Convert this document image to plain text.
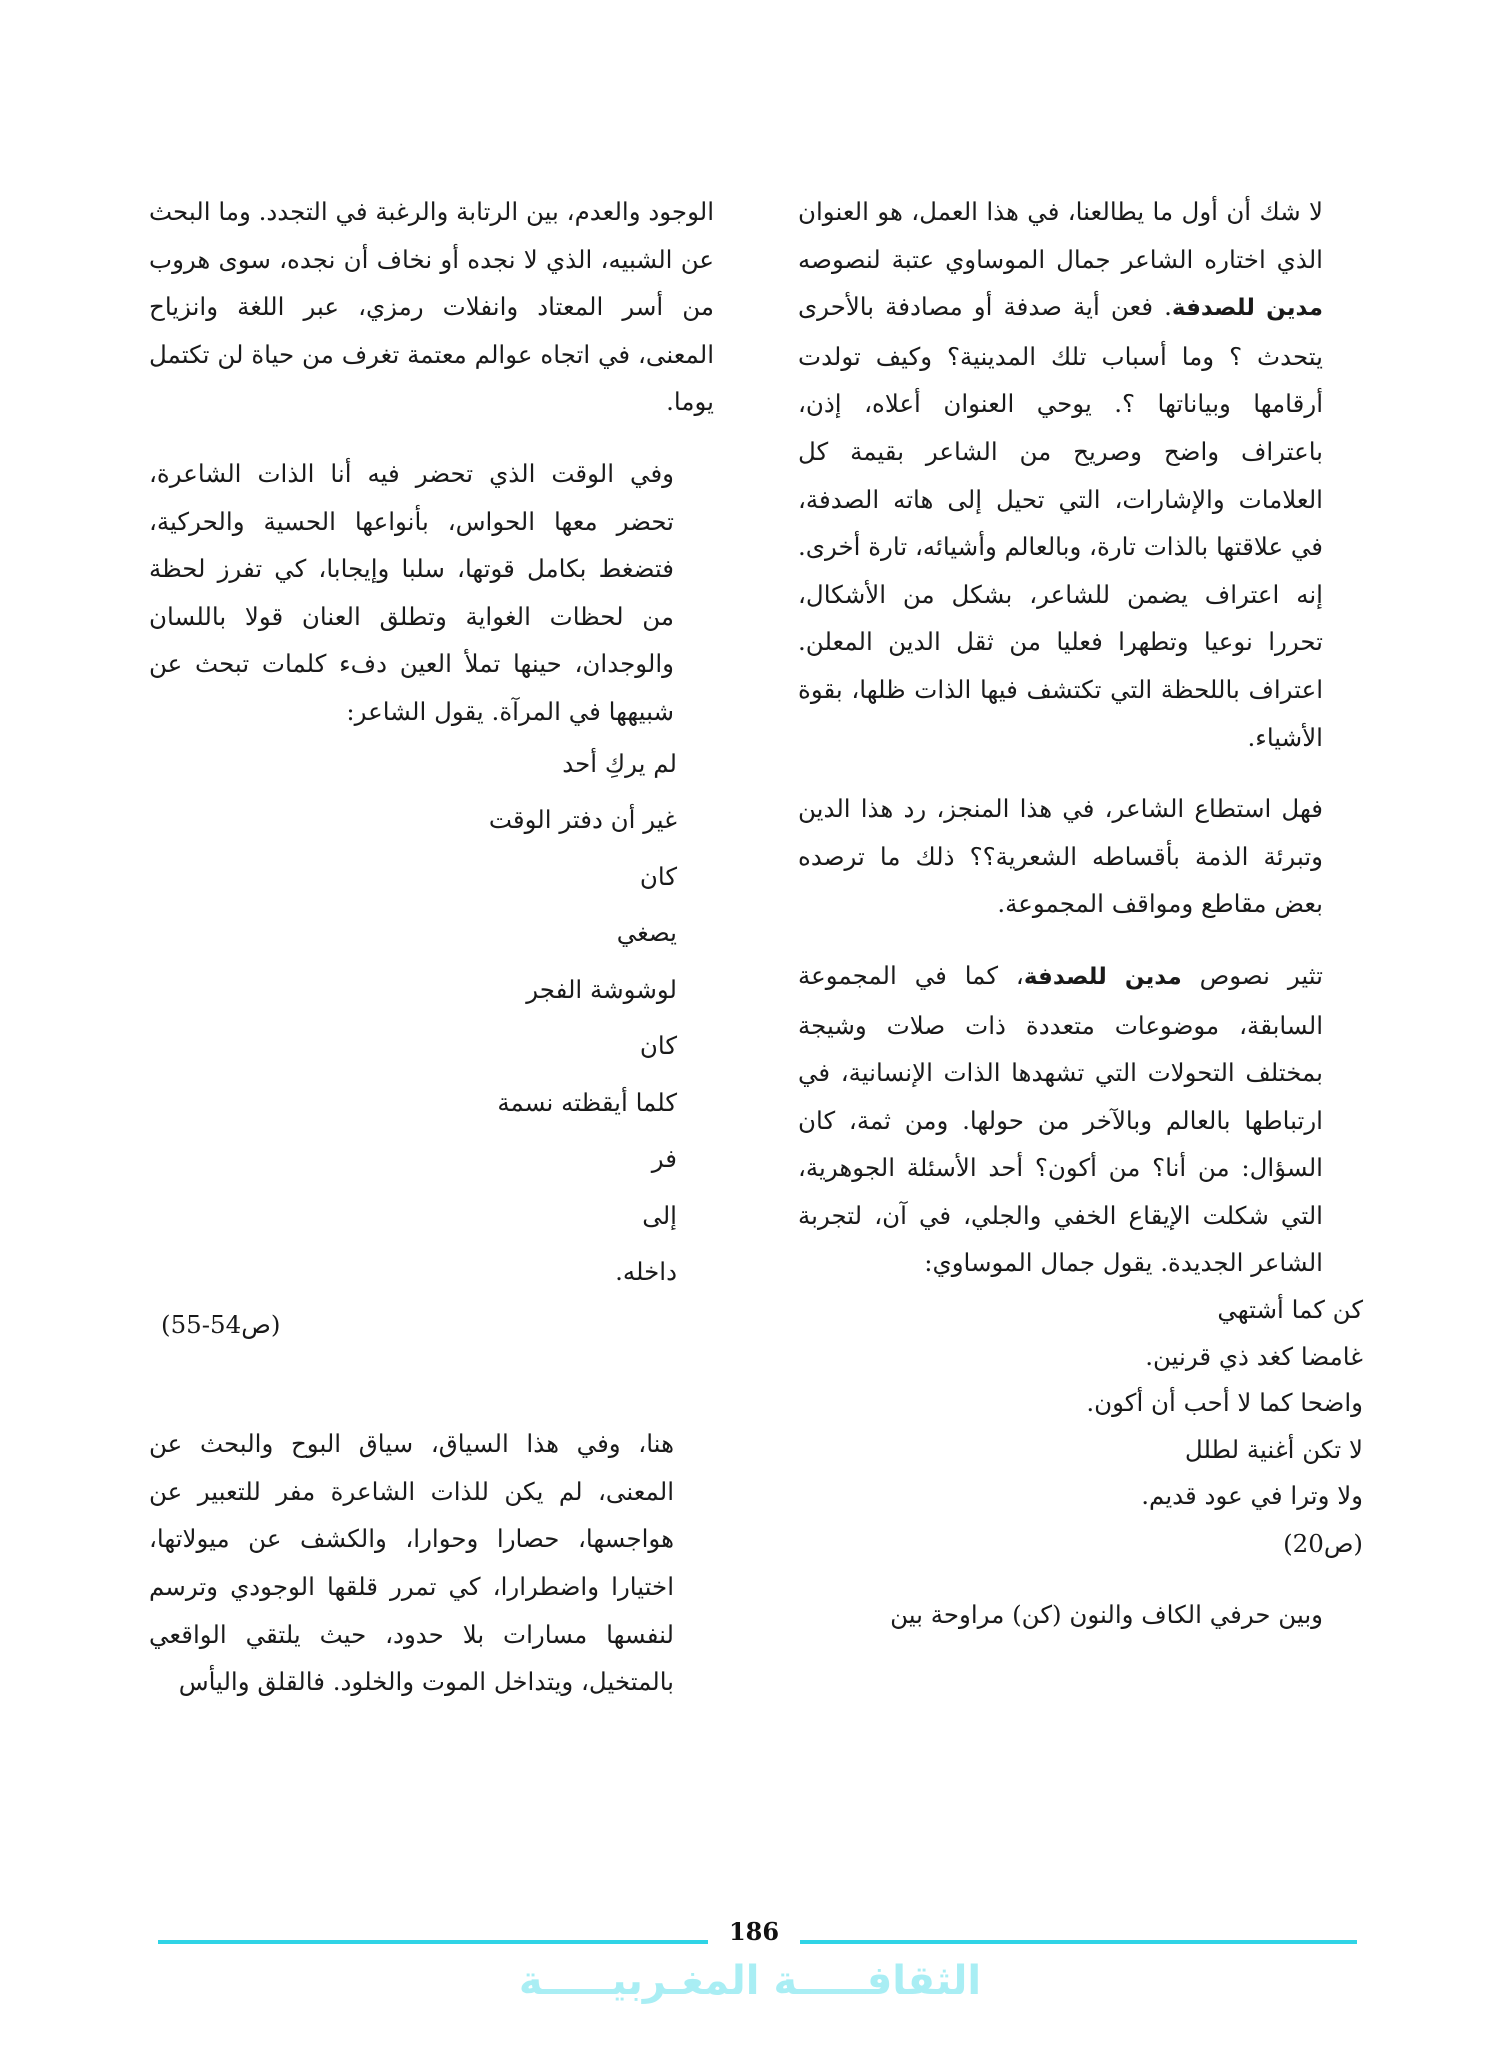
لا شك أن أول ما يطالعنا، في هذا العمل، هو العنوان الذي اختاره الشاعر جمال الموساوي عتبة لنصوصه مدين للصدفة. فعن أية صدفة أو مصادفة بالأحرى يتحدث ؟ وما أسباب تلك المدينية؟ وكيف تولدت أرقامها وبياناتها ؟. يوحي العنوان أعلاه، إذن، باعتراف واضح وصريح من الشاعر بقيمة كل العلامات والإشارات، التي تحيل إلى هاته الصدفة، في علاقتها بالذات تارة، وبالعالم وأشيائه، تارة أخرى. إنه اعتراف يضمن للشاعر، بشكل من الأشكال، تحررا نوعيا وتطهرا فعليا من ثقل الدين المعلن. اعتراف باللحظة التي تكتشف فيها الذات ظلها، بقوة الأشياء.

فهل استطاع الشاعر، في هذا المنجز، رد هذا الدين وتبرئة الذمة بأقساطه الشعرية؟؟ ذلك ما ترصده بعض مقاطع ومواقف المجموعة.

تثير نصوص مدين للصدفة، كما في المجموعة السابقة، موضوعات متعددة ذات صلات وشيجة بمختلف التحولات التي تشهدها الذات الإنسانية، في ارتباطها بالعالم وبالآخر من حولها. ومن ثمة، كان السؤال: من أنا؟ من أكون؟ أحد الأسئلة الجوهرية، التي شكلت الإيقاع الخفي والجلي، في آن، لتجربة الشاعر الجديدة. يقول جمال الموساوي:

كن كما أشتهي
غامضا كغد ذي قرنين.
واضحا كما لا أحب أن أكون.
لا تكن أغنية لطلل
ولا وترا في عود قديم.

(ص20)

وبين حرفي الكاف والنون (كن) مراوحة بين

الوجود والعدم، بين الرتابة والرغبة في التجدد. وما البحث عن الشبيه، الذي لا نجده أو نخاف أن نجده، سوى هروب من أسر المعتاد وانفلات رمزي، عبر اللغة وانزياح المعنى، في اتجاه عوالم معتمة تغرف من حياة لن تكتمل يوما.

وفي الوقت الذي تحضر فيه أنا الذات الشاعرة، تحضر معها الحواس، بأنواعها الحسية والحركية، فتضغط بكامل قوتها، سلبا وإيجابا، كي تفرز لحظة من لحظات الغواية وتطلق العنان قولا باللسان والوجدان، حينها تملأ العين دفء كلمات تبحث عن شبيهها في المرآة. يقول الشاعر:

لم يركِ أحد
غير أن دفتر الوقت
كان
يصغي
لوشوشة الفجر
كان
كلما أيقظته نسمة
فر
إلى
داخله.

(ص54-55)

هنا، وفي هذا السياق، سياق البوح والبحث عن المعنى، لم يكن للذات الشاعرة مفر للتعبير عن هواجسها، حصارا وحوارا، والكشف عن ميولاتها، اختيارا واضطرارا، كي تمرر قلقها الوجودي وترسم لنفسها مسارات بلا حدود، حيث يلتقي الواقعي بالمتخيل، ويتداخل الموت والخلود. فالقلق واليأس

186
الثقافـــــة المغـربيـــــة
